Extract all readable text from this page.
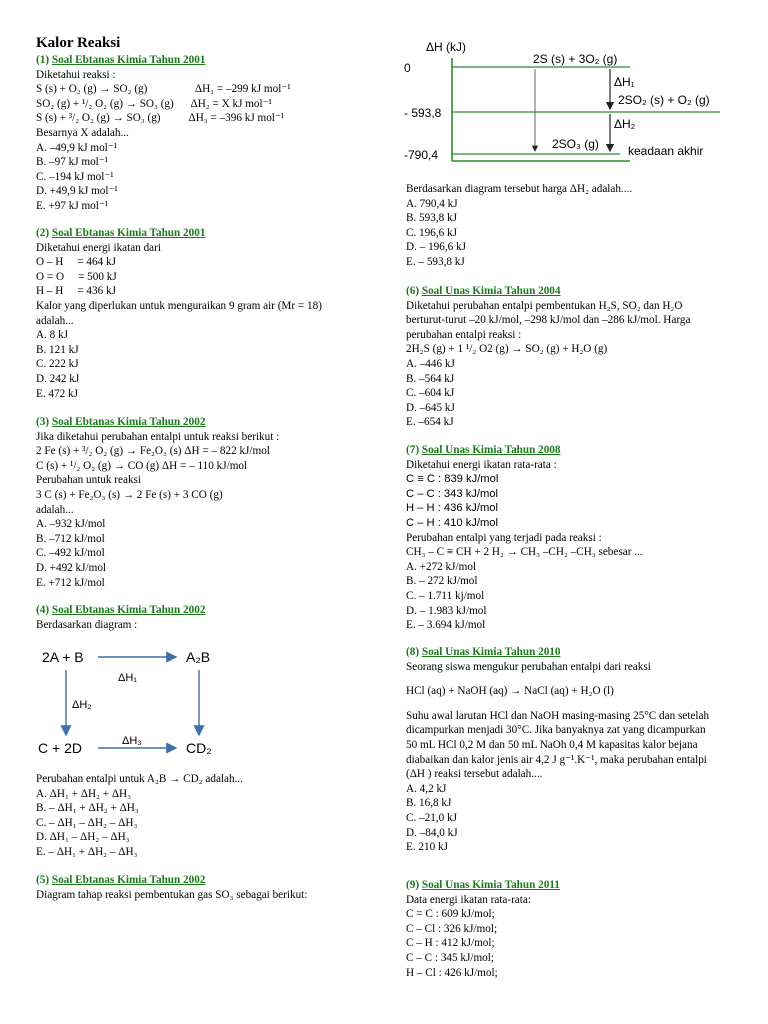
Kalor Reaksi
(1) Soal Ebtanas Kimia Tahun 2001
Diketahui reaksi :
S (s) + O₂ (g) → SO₂ (g)                 ΔH₁ = –299 kJ mol⁻¹
SO₂ (g) + ¹/₂ O₂ (g) → SO₃ (g)      ΔH₂ = X kJ mol⁻¹
S (s) + ³/₂ O₂ (g) → SO₃ (g)          ΔH₃ = –396 kJ mol⁻¹
Besarnya X adalah...
A. –49,9 kJ mol⁻¹
B. –97 kJ mol⁻¹
C. –194 kJ mol⁻¹
D. +49,9 kJ mol⁻¹
E. +97 kJ mol⁻¹
(2) Soal Ebtanas Kimia Tahun 2001
Diketahui energi ikatan dari
O – H     = 464 kJ
O = O     = 500 kJ
H – H     = 436 kJ
Kalor yang diperlukan untuk menguraikan 9 gram air (Mr = 18)
adalah...
A. 8 kJ
B. 121 kJ
C. 222 kJ
D. 242 kJ
E. 472 kJ
(3) Soal Ebtanas Kimia Tahun 2002
Jika diketahui perubahan entalpi untuk reaksi berikut :
2 Fe (s) + ³/₂ O₂ (g) → Fe₂O₃ (s) ΔH = – 822 kJ/mol
C (s) + ¹/₂ O₂ (g) → CO (g) ΔH = – 110 kJ/mol
Perubahan untuk reaksi
3 C (s) + Fe₂O₃ (s) → 2 Fe (s) + 3 CO (g)
adalah...
A. –932 kJ/mol
B. –712 kJ/mol
C. –492 kJ/mol
D. +492 kJ/mol
E. +712 kJ/mol
(4) Soal Ebtanas Kimia Tahun 2002
Berdasarkan diagram :
2A + B	A₂B
C + 2D	CD₂
ΔH₁
ΔH₂
ΔH₃
Perubahan entalpi untuk A₂B → CD₂ adalah...
A. ΔH₁ + ΔH₂ + ΔH₃
B. – ΔH₁ + ΔH₂ + ΔH₃
C. – ΔH₁ – ΔH₂ – ΔH₃
D. ΔH₁ – ΔH₂ – ΔH₃
E. – ΔH₁ + ΔH₂ – ΔH₃
(5) Soal Ebtanas Kimia Tahun 2002
Diagram tahap reaksi pembentukan gas SO₃ sebagai berikut:
ΔH (kJ)
0
- 593,8
-790,4
2S (s) + 3O₂ (g)
2SO₂ (s) + O₂ (g)
2SO₃ (g) keadaan akhir
ΔH₁
ΔH₂
Berdasarkan diagram tersebut harga ΔH₂ adalah....
A. 790,4 kJ
B. 593,8 kJ
C. 196,6 kJ
D. – 196,6 kJ
E. – 593,8 kJ
(6) Soal Unas Kimia Tahun 2004
Diketahui perubahan entalpi pembentukan H₂S, SO₂ dan H₂O
berturut-turut –20 kJ/mol, –298 kJ/mol dan –286 kJ/mol. Harga
perubahan entalpi reaksi :
2H₂S (g) + 1 ¹/₂ O2 (g) → SO₂ (g) + H₂O (g)
A. –446 kJ
B. –564 kJ
C. –604 kJ
D. –645 kJ
E. –654 kJ
(7) Soal Unas Kimia Tahun 2008
Diketahui energi ikatan rata-rata :
C ≡ C : 839 kJ/mol
C – C : 343 kJ/mol
H – H : 436 kJ/mol
C – H : 410 kJ/mol
Perubahan entalpi yang terjadi pada reaksi :
CH₃ – C ≡ CH + 2 H₂ → CH₃ –CH₂ –CH₃ sebesar ...
A. +272 kJ/mol
B. – 272 kJ/mol
C. – 1.711 kj/mol
D. – 1.983 kJ/mol
E. – 3.694 kJ/mol
(8) Soal Unas Kimia Tahun 2010
Seorang siswa mengukur perubahan entalpi dari reaksi
HCl (aq) + NaOH (aq) → NaCl (aq) + H₂O (l)
Suhu awal larutan HCl dan NaOH masing-masing 25°C dan setelah
dicampurkan menjadi 30°C. Jika banyaknya zat yang dicampurkan
50 mL HCl 0,2 M dan 50 mL NaOh 0,4 M kapasitas kalor bejana
diabaikan dan kalor jenis air 4,2 J g⁻¹.K⁻¹, maka perubahan entalpi
(ΔH ) reaksi tersebut adalah....
A. 4,2 kJ
B. 16,8 kJ
C. –21,0 kJ
D. –84,0 kJ
E. 210 kJ
(9) Soal Unas Kimia Tahun 2011
Data energi ikatan rata-rata:
C = C : 609 kJ/mol;
C – Cl : 326 kJ/mol;
C – H : 412 kJ/mol;
C – C : 345 kJ/mol;
H – Cl : 426 kJ/mol;
